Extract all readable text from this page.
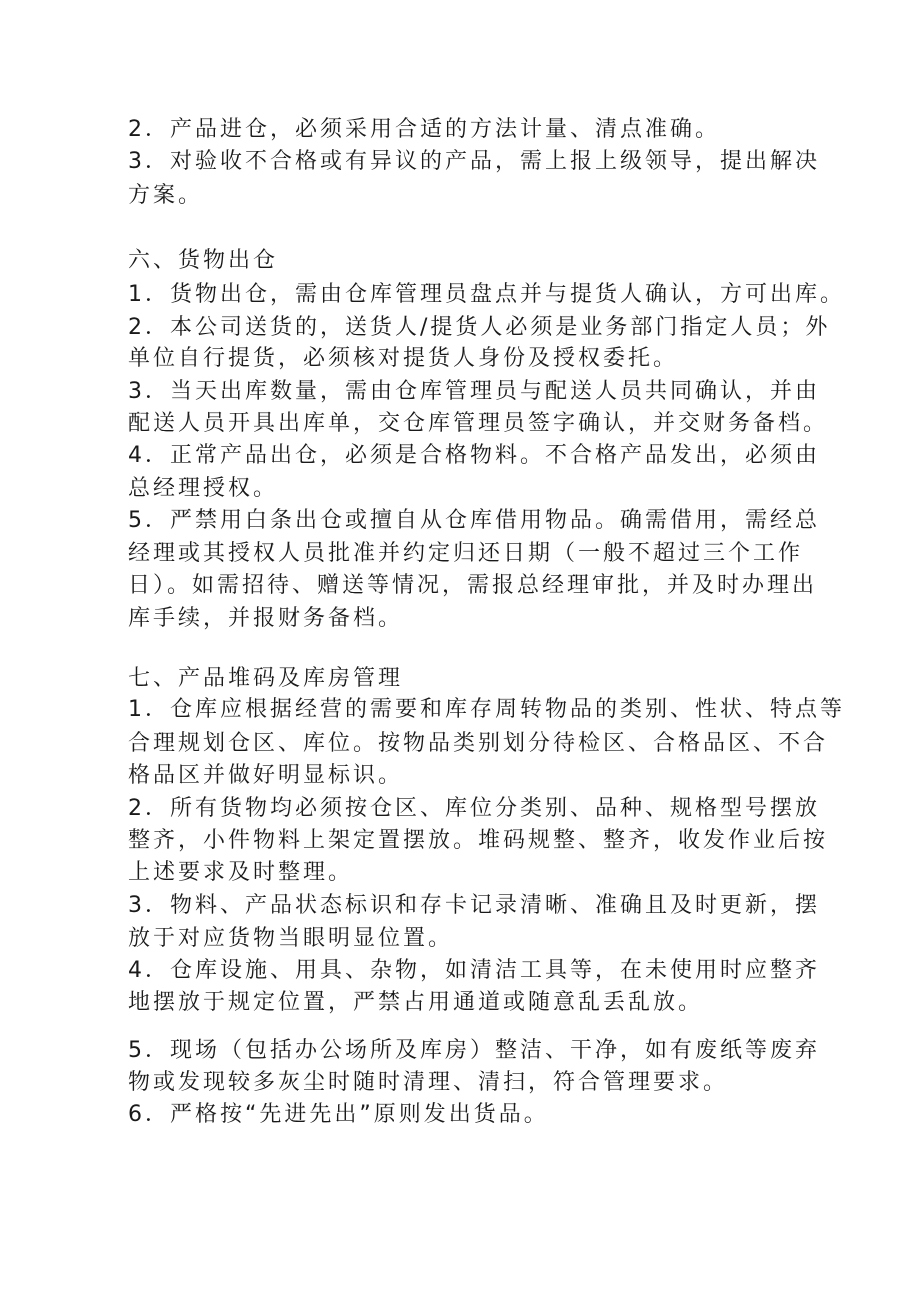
2．产品进仓，必须采用合适的方法计量、清点准确。
3．对验收不合格或有异议的产品，需上报上级领导，提出解决
方案。
六、货物出仓
1．货物出仓，需由仓库管理员盘点并与提货人确认，方可出库。
2．本公司送货的，送货人/提货人必须是业务部门指定人员；外
单位自行提货，必须核对提货人身份及授权委托。
3．当天出库数量，需由仓库管理员与配送人员共同确认，并由
配送人员开具出库单，交仓库管理员签字确认，并交财务备档。
4．正常产品出仓，必须是合格物料。不合格产品发出，必须由
总经理授权。
5．严禁用白条出仓或擅自从仓库借用物品。确需借用，需经总
经理或其授权人员批准并约定归还日期（一般不超过三个工作
日）。如需招待、赠送等情况，需报总经理审批，并及时办理出
库手续，并报财务备档。
七、产品堆码及库房管理
1．仓库应根据经营的需要和库存周转物品的类别、性状、特点等
合理规划仓区、库位。按物品类别划分待检区、合格品区、不合
格品区并做好明显标识。
2．所有货物均必须按仓区、库位分类别、品种、规格型号摆放
整齐，小件物料上架定置摆放。堆码规整、整齐，收发作业后按
上述要求及时整理。
3．物料、产品状态标识和存卡记录清晰、准确且及时更新，摆
放于对应货物当眼明显位置。
4．仓库设施、用具、杂物，如清洁工具等，在未使用时应整齐
地摆放于规定位置，严禁占用通道或随意乱丢乱放。
5．现场（包括办公场所及库房）整洁、干净，如有废纸等废弃
物或发现较多灰尘时随时清理、清扫，符合管理要求。
6．严格按“先进先出”原则发出货品。
